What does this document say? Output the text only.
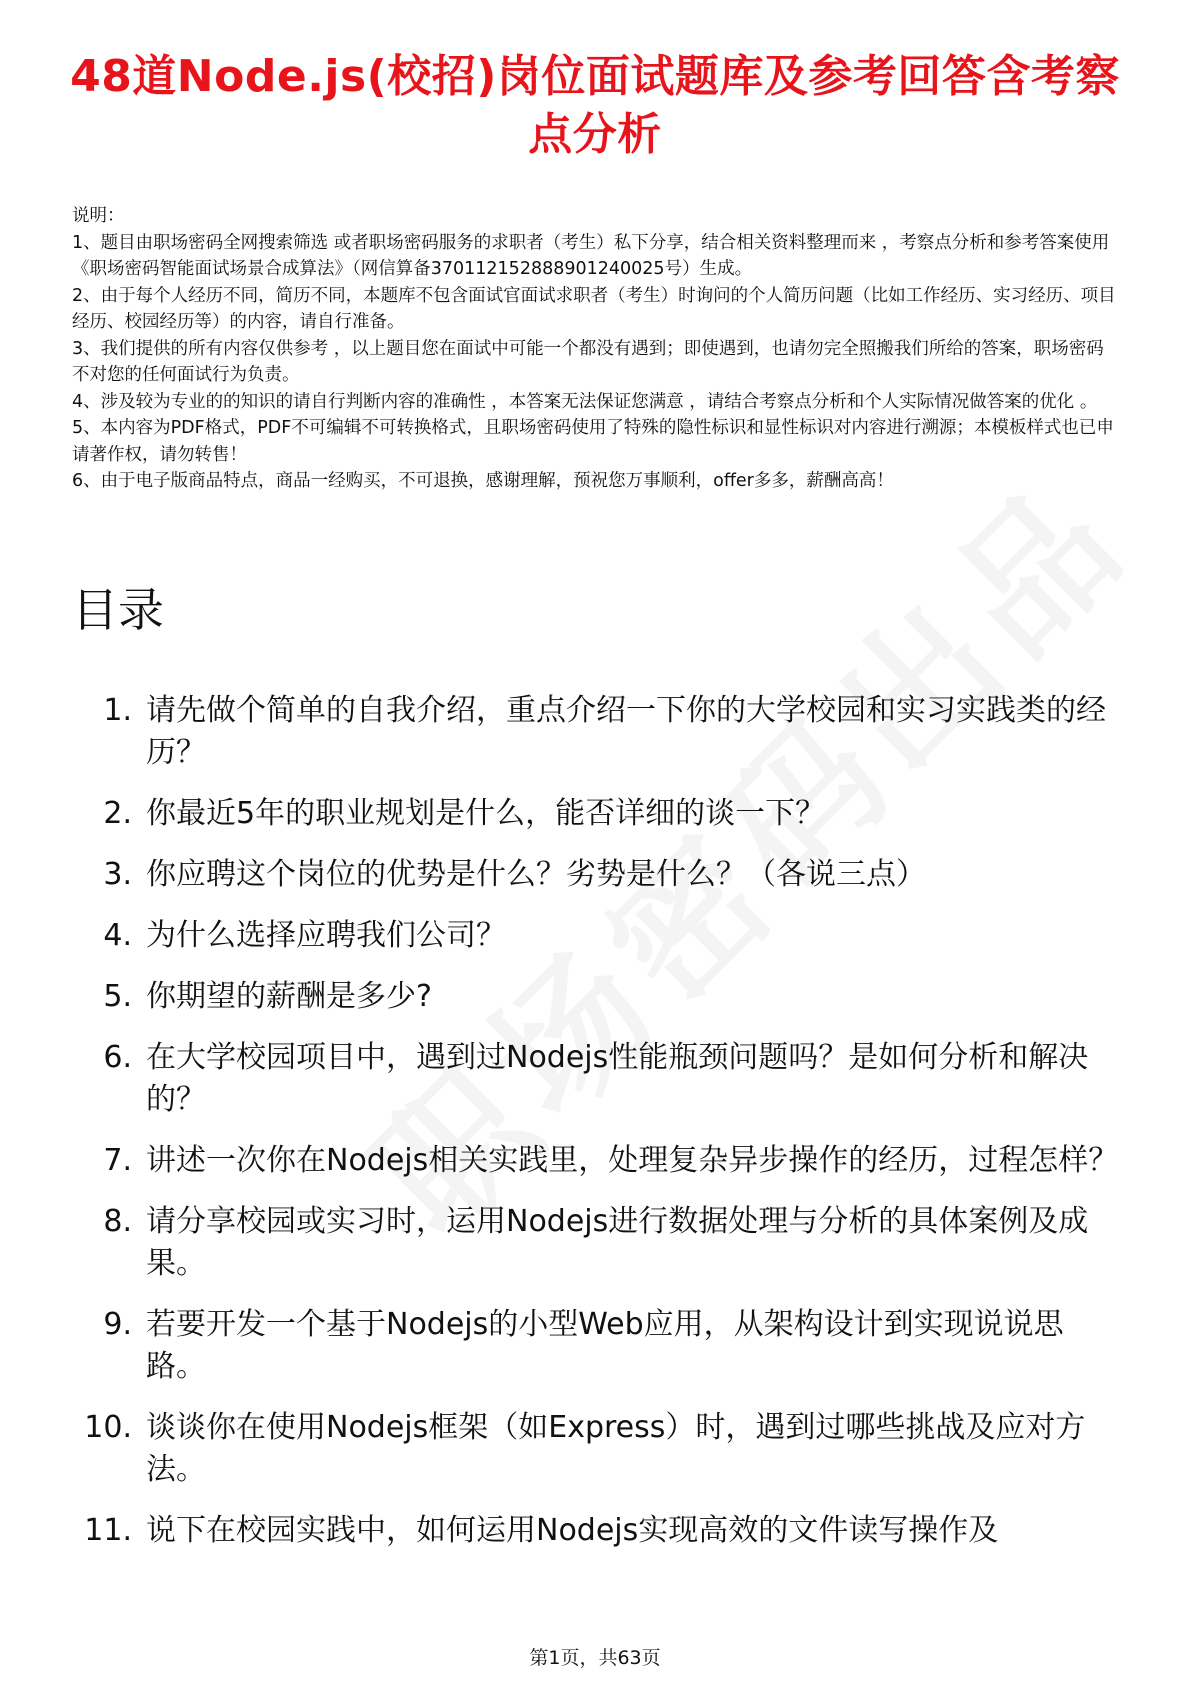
48道Node.js(校招)岗位面试题库及参考回答含考察点分析

说明：

1、题目由职场密码全网搜索筛选 或者职场密码服务的求职者（考生）私下分享，结合相关资料整理而来 ，考察点分析和参考答案使用《职场密码智能面试场景合成算法》（网信算备370112152888901240025号）生成。

2、由于每个人经历不同，简历不同，本题库不包含面试官面试求职者（考生）时询问的个人简历问题（比如工作经历、实习经历、项目经历、校园经历等）的内容，请自行准备。

3、我们提供的所有内容仅供参考 ，以上题目您在面试中可能一个都没有遇到；即使遇到，也请勿完全照搬我们所给的答案，职场密码不对您的任何面试行为负责。

4、涉及较为专业的的知识的请自行判断内容的准确性 ，本答案无法保证您满意 ，请结合考察点分析和个人实际情况做答案的优化 。

5、本内容为PDF格式，PDF不可编辑不可转换格式，且职场密码使用了特殊的隐性标识和显性标识对内容进行溯源；本模板样式也已申请著作权，请勿转售！

6、由于电子版商品特点，商品一经购买，不可退换，感谢理解，预祝您万事顺利，offer多多，薪酬高高！

目录
1. 请先做个简单的自我介绍，重点介绍一下你的大学校园和实习实践类的经历？
2. 你最近5年的职业规划是什么，能否详细的谈一下？
3. 你应聘这个岗位的优势是什么？劣势是什么？（各说三点）
4. 为什么选择应聘我们公司？
5. 你期望的薪酬是多少?
6. 在大学校园项目中，遇到过Nodejs性能瓶颈问题吗？是如何分析和解决的？
7. 讲述一次你在Nodejs相关实践里，处理复杂异步操作的经历，过程怎样？
8. 请分享校园或实习时，运用Nodejs进行数据处理与分析的具体案例及成果。
9. 若要开发一个基于Nodejs的小型Web应用，从架构设计到实现说说思路。
10. 谈谈你在使用Nodejs框架（如Express）时，遇到过哪些挑战及应对方法。
11. 说下在校园实践中，如何运用Nodejs实现高效的文件读写操作及
第1页，共63页
